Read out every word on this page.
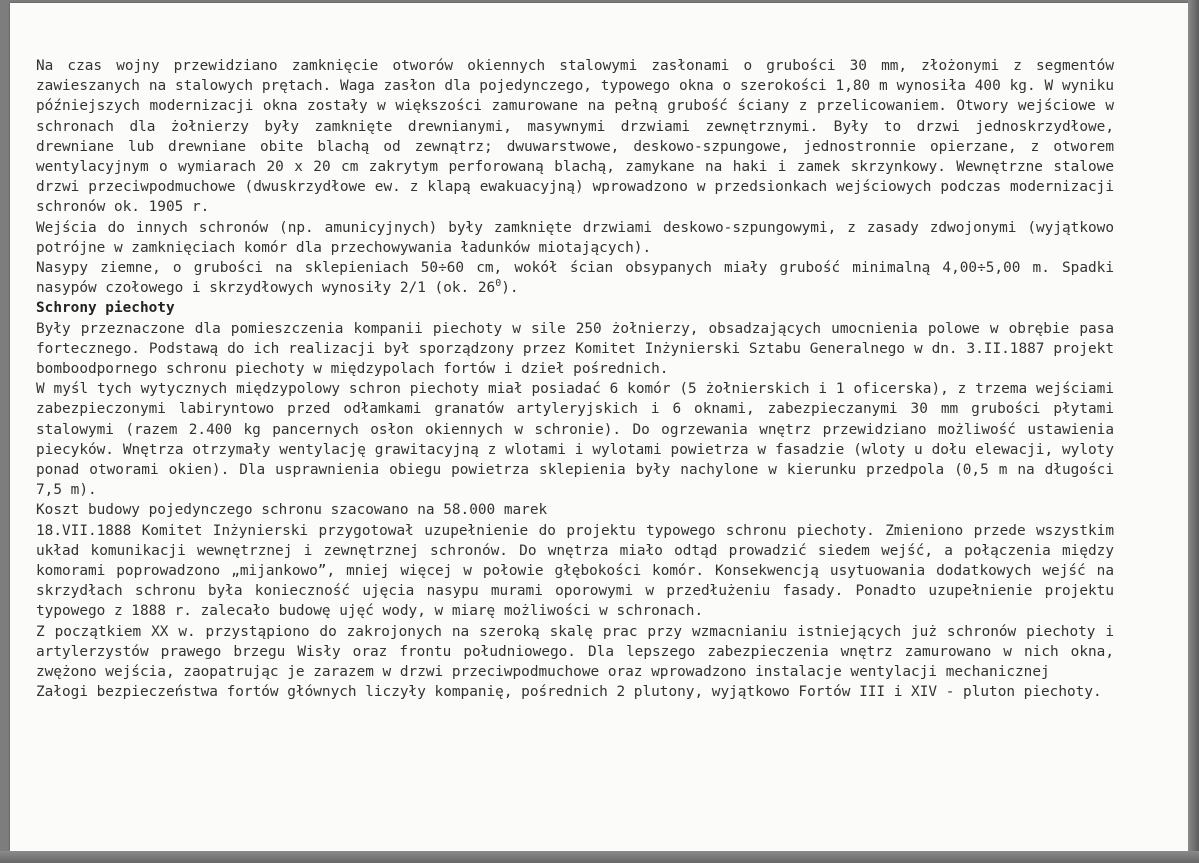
Na czas wojny przewidziano zamknięcie otworów okiennych stalowymi zasłonami o grubości 30 mm, złożonymi z segmentów zawieszanych na stalowych prętach. Waga zasłon dla pojedynczego, typowego okna o szerokości 1,80 m wynosiła 400 kg. W wyniku późniejszych modernizacji okna zostały w większości zamurowane na pełną grubość ściany z przelicowaniem. Otwory wejściowe w schronach dla żołnierzy były zamknięte drewnianymi, masywnymi drzwiami zewnętrznymi. Były to drzwi jednoskrzydłowe, drewniane lub drewniane obite blachą od zewnątrz; dwuwarstwowe, deskowo-szpungowe, jednostronnie opierzane, z otworem wentylacyjnym o wymiarach 20 x 20 cm zakrytym perforowaną blachą, zamykane na haki i zamek skrzynkowy. Wewnętrzne stalowe drzwi przeciwpodmuchowe (dwuskrzydłowe ew. z klapą ewakuacyjną) wprowadzono w przedsionkach wejściowych podczas modernizacji schronów ok. 1905 r.

Wejścia do innych schronów (np. amunicyjnych) były zamknięte drzwiami deskowo-szpungowymi, z zasady zdwojonymi (wyjątkowo potrójne w zamknięciach komór dla przechowywania ładunków miotających).

Nasypy ziemne, o grubości na sklepieniach 50÷60 cm, wokół ścian obsypanych miały grubość minimalną 4,00÷5,00 m. Spadki nasypów czołowego i skrzydłowych wynosiły 2/1 (ok. $26^0$).

Schrony piechoty

Były przeznaczone dla pomieszczenia kompanii piechoty w sile 250 żołnierzy, obsadzających umocnienia polowe w obrębie pasa fortecznego. Podstawą do ich realizacji był sporządzony przez Komitet Inżynierski Sztabu Generalnego w dn. 3.II.1887 projekt bomboodpornego schronu piechoty w międzypolach fortów i dzieł pośrednich.

W myśl tych wytycznych międzypolowy schron piechoty miał posiadać 6 komór (5 żołnierskich i 1 oficerska), z trzema wejściami zabezpieczonymi labiryntowo przed odłamkami granatów artyleryjskich i 6 oknami, zabezpieczanymi 30 mm grubości płytami stalowymi (razem 2.400 kg pancernych osłon okiennych w schronie). Do ogrzewania wnętrz przewidziano możliwość ustawienia piecyków. Wnętrza otrzymały wentylację grawitacyjną z wlotami i wylotami powietrza w fasadzie (wloty u dołu elewacji, wyloty ponad otworami okien). Dla usprawnienia obiegu powietrza sklepienia były nachylone w kierunku przedpola (0,5 m na długości 7,5 m).

Koszt budowy pojedynczego schronu szacowano na 58.000 marek

18.VII.1888 Komitet Inżynierski przygotował uzupełnienie do projektu typowego schronu piechoty. Zmieniono przede wszystkim układ komunikacji wewnętrznej i zewnętrznej schronów. Do wnętrza miało odtąd prowadzić siedem wejść, a połączenia między komorami poprowadzono „mijankowo”, mniej więcej w połowie głębokości komór. Konsekwencją usytuowania dodatkowych wejść na skrzydłach schronu była konieczność ujęcia nasypu murami oporowymi w przedłużeniu fasady. Ponadto uzupełnienie projektu typowego z 1888 r. zalecało budowę ujęć wody, w miarę możliwości w schronach.

Z początkiem XX w. przystąpiono do zakrojonych na szeroką skalę prac przy wzmacnianiu istniejących już schronów piechoty i artylerzystów prawego brzegu Wisły oraz frontu południowego. Dla lepszego zabezpieczenia wnętrz zamurowano w nich okna, zwężono wejścia, zaopatrując je zarazem w drzwi przeciwpodmuchowe oraz wprowadzono instalacje wentylacji mechanicznej

Załogi bezpieczeństwa fortów głównych liczyły kompanię, pośrednich 2 plutony, wyjątkowo Fortów III i XIV - pluton piechoty.
